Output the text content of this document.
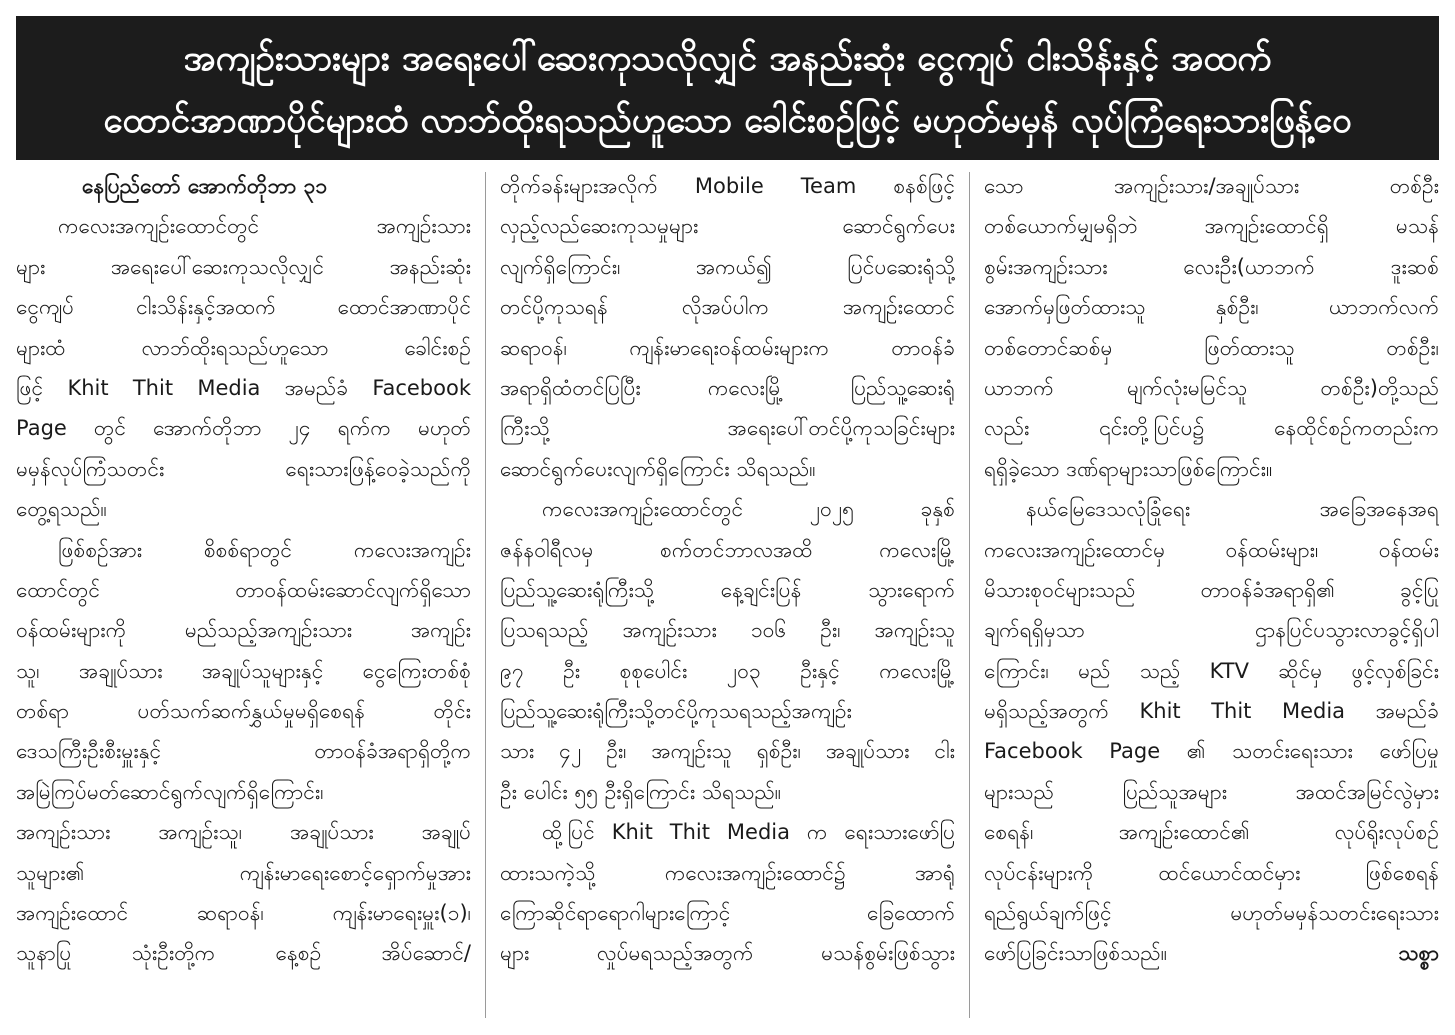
အကျဉ်းသားများ အရေးပေါ်ဆေးကုသလိုလျှင် အနည်းဆုံး ငွေကျပ် ငါးသိန်းနှင့် အထက်
ထောင်အာဏာပိုင်များထံ လာဘ်ထိုးရသည်ဟူသော ခေါင်းစဉ်ဖြင့် မဟုတ်မမှန် လုပ်ကြံရေးသားဖြန့်ဝေ
နေပြည်တော် အောက်တိုဘာ ၃၁
ကလေးအကျဉ်းထောင်တွင် အကျဉ်းသား
များ အရေးပေါ်ဆေးကုသလိုလျှင် အနည်းဆုံး
ငွေကျပ် ငါးသိန်းနှင့်အထက် ထောင်အာဏာပိုင်
များထံ လာဘ်ထိုးရသည်ဟူသော ခေါင်းစဉ်
ဖြင့် Khit Thit Media အမည်ခံ Facebook
Page တွင် အောက်တိုဘာ ၂၄ ရက်က မဟုတ်
မမှန်လုပ်ကြံသတင်း ရေးသားဖြန့်ဝေခဲ့သည်ကို
တွေ့ရသည်။
ဖြစ်စဉ်အား စိစစ်ရာတွင် ကလေးအကျဉ်း
ထောင်တွင် တာဝန်ထမ်းဆောင်လျက်ရှိသော
ဝန်ထမ်းများကို မည်သည့်အကျဉ်းသား အကျဉ်း
သူ၊ အချုပ်သား အချုပ်သူများနှင့် ငွေကြေးတစ်စုံ
တစ်ရာ ပတ်သက်ဆက်နွှယ်မှုမရှိစေရန် တိုင်း
ဒေသကြီးဦးစီးမှူးနှင့် တာဝန်ခံအရာရှိတို့က
အမြဲကြပ်မတ်ဆောင်ရွက်လျက်ရှိကြောင်း၊
အကျဉ်းသား အကျဉ်းသူ၊ အချုပ်သား အချုပ်
သူများ၏ ကျန်းမာရေးစောင့်ရှောက်မှုအား
အကျဉ်းထောင် ဆရာဝန်၊ ကျန်းမာရေးမှူး(၁)၊
သူနာပြု သုံးဦးတို့က နေ့စဉ် အိပ်ဆောင်/
တိုက်ခန်းများအလိုက် Mobile Team စနစ်ဖြင့်
လှည့်လည်ဆေးကုသမှုများ ဆောင်ရွက်ပေး
လျက်ရှိကြောင်း၊ အကယ်၍ ပြင်ပဆေးရုံသို့
တင်ပို့ကုသရန် လိုအပ်ပါက အကျဉ်းထောင်
ဆရာဝန်၊ ကျန်းမာရေးဝန်ထမ်းများက တာဝန်ခံ
အရာရှိထံတင်ပြပြီး ကလေးမြို့ ပြည်သူ့ဆေးရုံ
ကြီးသို့ အရေးပေါ်တင်ပို့ကုသခြင်းများ
ဆောင်ရွက်ပေးလျက်ရှိကြောင်း သိရသည်။
ကလေးအကျဉ်းထောင်တွင် ၂၀၂၅ ခုနှစ်
ဇန်နဝါရီလမှ စက်တင်ဘာလအထိ ကလေးမြို့
ပြည်သူ့ဆေးရုံကြီးသို့ နေ့ချင်းပြန် သွားရောက်
ပြသရသည့် အကျဉ်းသား ၁၀၆ ဦး၊ အကျဉ်းသူ
၉၇ ဦး စုစုပေါင်း ၂၀၃ ဦးနှင့် ကလေးမြို့
ပြည်သူ့ဆေးရုံကြီးသို့တင်ပို့ကုသရသည့်အကျဉ်း
သား ၄၂ ဦး၊ အကျဉ်းသူ ရှစ်ဦး၊ အချုပ်သား ငါး
ဦး ပေါင်း ၅၅ ဦးရှိကြောင်း သိရသည်။
ထို့ပြင် Khit Thit Media က ရေးသားဖော်ပြ
ထားသကဲ့သို့ ကလေးအကျဉ်းထောင်၌ အာရုံ
ကြောဆိုင်ရာရောဂါများကြောင့် ခြေထောက်
များ လှုပ်မရသည့်အတွက် မသန်စွမ်းဖြစ်သွား
သော အကျဉ်းသား/အချုပ်သား တစ်ဦး
တစ်ယောက်မျှမရှိဘဲ အကျဉ်းထောင်ရှိ မသန်
စွမ်းအကျဉ်းသား လေးဦး(ယာဘက် ဒူးဆစ်
အောက်မှဖြတ်ထားသူ နှစ်ဦး၊ ယာဘက်လက်
တစ်တောင်ဆစ်မှ ဖြတ်ထားသူ တစ်ဦး၊
ယာဘက် မျက်လုံးမမြင်သူ တစ်ဦး)တို့သည်
လည်း ၎င်းတို့ပြင်ပ၌ နေထိုင်စဉ်ကတည်းက
ရရှိခဲ့သော ဒဏ်ရာများသာဖြစ်ကြောင်း။
နယ်မြေဒေသလုံခြုံရေး အခြေအနေအရ
ကလေးအကျဉ်းထောင်မှ ဝန်ထမ်းများ၊ ဝန်ထမ်း
မိသားစုဝင်များသည် တာဝန်ခံအရာရှိ၏ ခွင့်ပြု
ချက်ရရှိမှသာ ဌာနပြင်ပသွားလာခွင့်ရှိပါ
ကြောင်း၊ မည် သည့် KTV ဆိုင်မှ ဖွင့်လှစ်ခြင်း
မရှိသည့်အတွက် Khit Thit Media အမည်ခံ
Facebook Page ၏ သတင်းရေးသား ဖော်ပြမှု
များသည် ပြည်သူအများ အထင်အမြင်လွဲမှား
စေရန်၊ အကျဉ်းထောင်၏ လုပ်ရိုးလုပ်စဉ်
လုပ်ငန်းများကို ထင်ယောင်ထင်မှား ဖြစ်စေရန်
ရည်ရွယ်ချက်ဖြင့် မဟုတ်မမှန်သတင်းရေးသား
ဖော်ပြခြင်းသာဖြစ်သည်။	သစ္စာ
